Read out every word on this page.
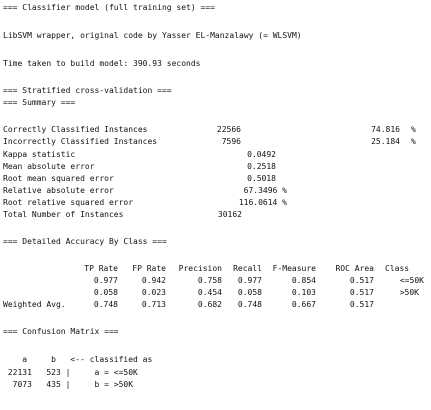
=== Classifier model (full training set) ===
LibSVM wrapper, original code by Yasser EL-Manzalawy (= WLSVM)
Time taken to build model: 390.93 seconds
=== Stratified cross-validation ===
=== Summary ===
Correctly Classified Instances	22566	74.816 %
Incorrectly Classified Instances	7596	25.184 %
Kappa statistic	0.0492
Mean absolute error	0.2518
Root mean squared error	0.5018
Relative absolute error	67.3496 %
Root relative squared error	116.0614 %
Total Number of Instances	30162
=== Detailed Accuracy By Class ===
TP Rate	FP Rate	Precision	Recall	F-Measure	ROC Area Class
0.977	0.942	0.758	0.977	0.854	0.517	<=50K
0.058	0.023	0.454	0.058	0.103	0.517	>50K
Weighted Avg.	0.748	0.713	0.682	0.748	0.667	0.517
=== Confusion Matrix ===
a     b   <-- classified as
22131   523 |     a = <=50K
7073   435 |     b = >50K
